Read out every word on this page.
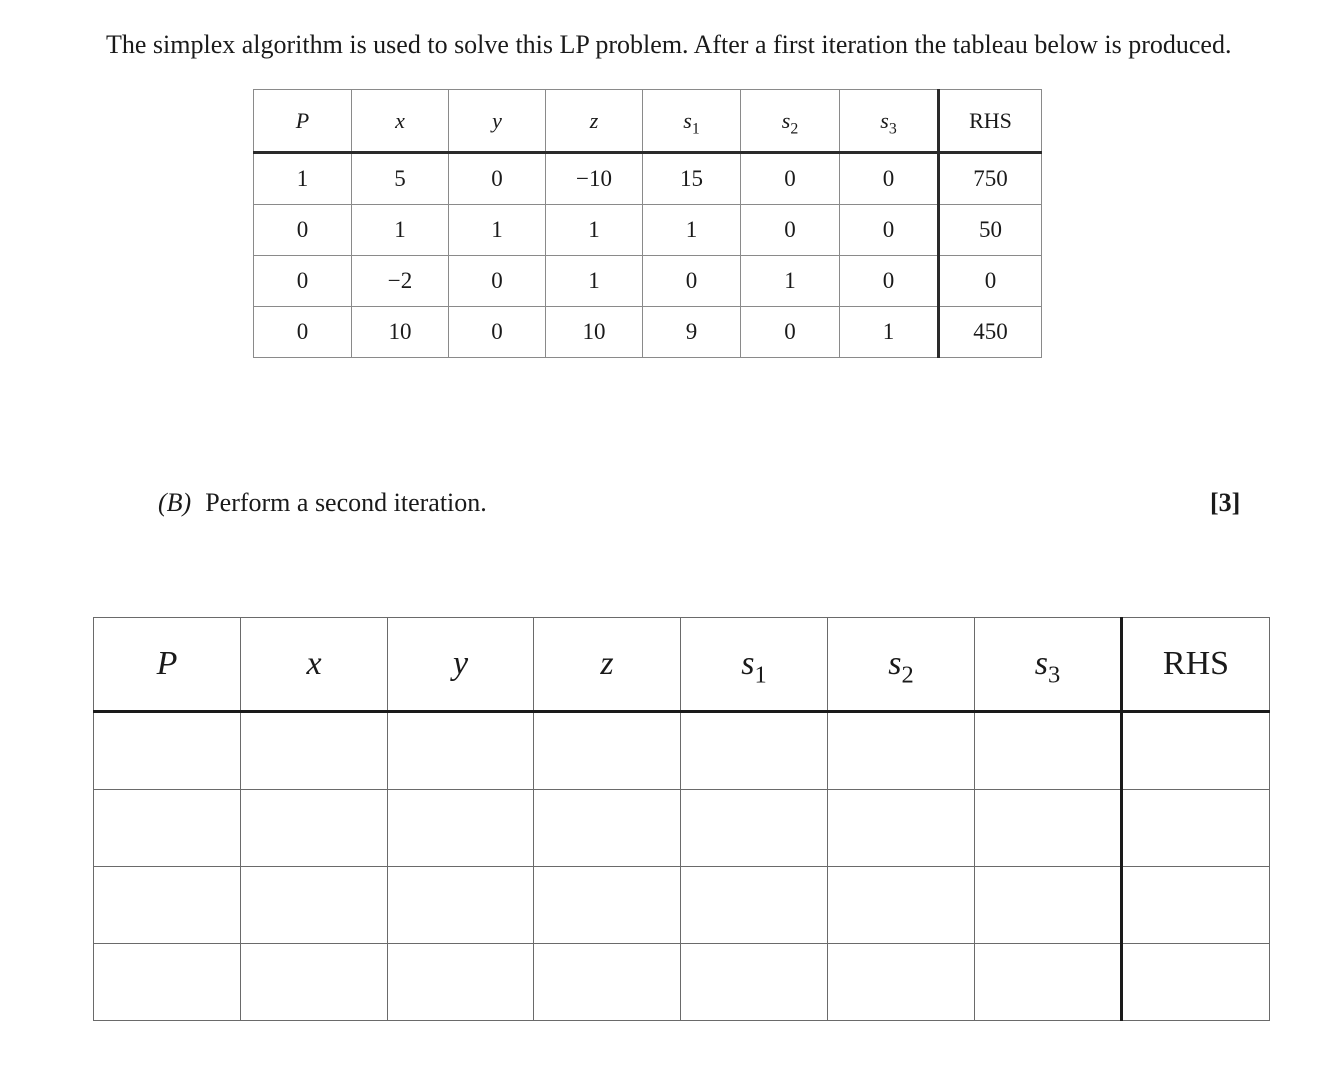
The simplex algorithm is used to solve this LP problem. After a first iteration the tableau below is produced.
P	x	y	z	$s_1$	$s_2$	$s_3$	RHS
1	5	0	−10	15	0	0	750
0	1	1	1	1	0	0	50
0	−2	0	1	0	1	0	0
0	10	0	10	9	0	1	450
(B) Perform a second iteration.	[3]
P	x	y	z	$s_1$	$s_2$	$s_3$	RHS
